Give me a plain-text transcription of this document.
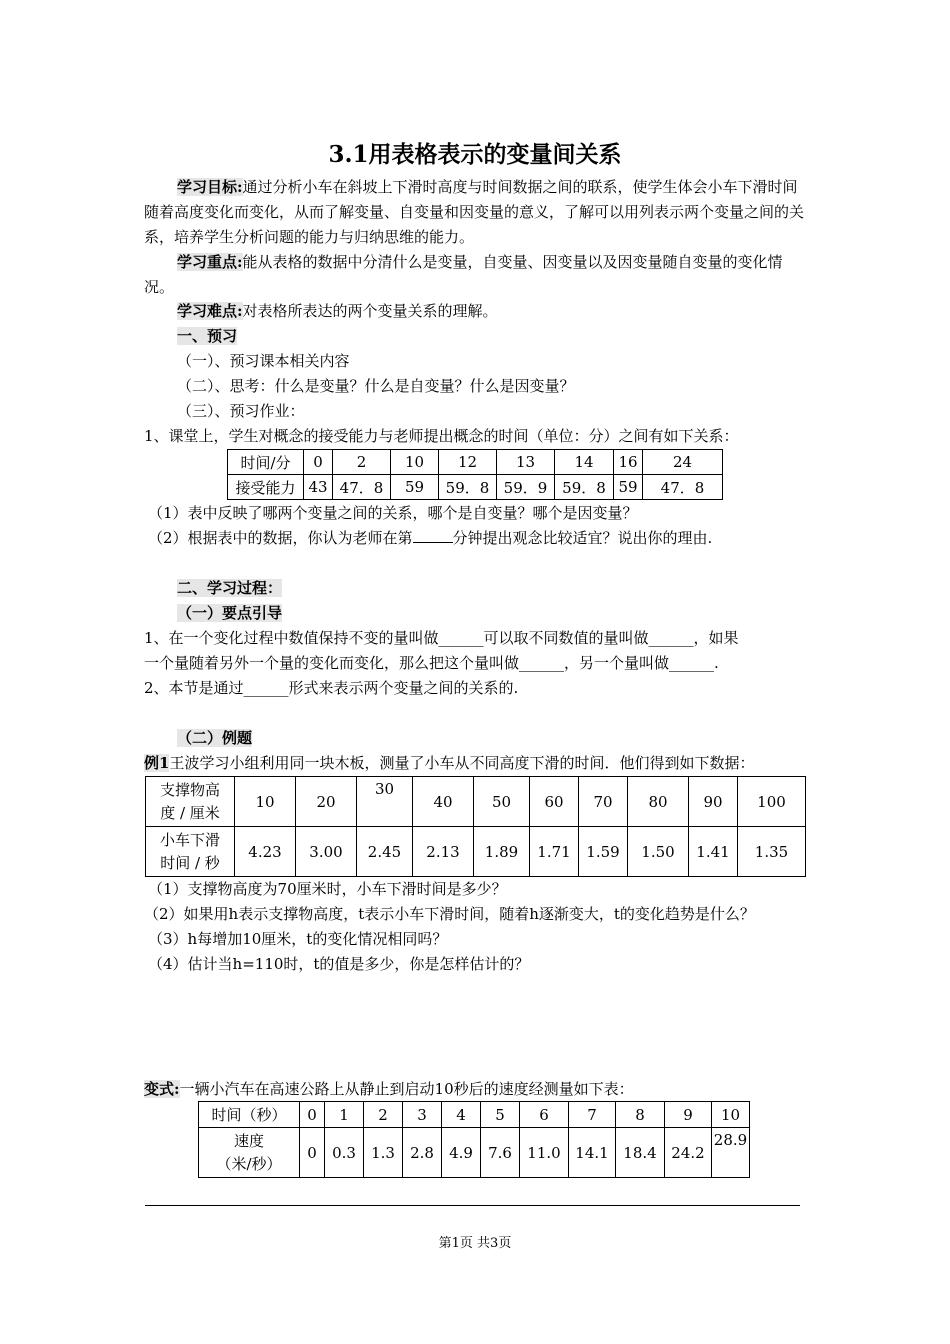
3.1用表格表示的变量间关系
学习目标:通过分析小车在斜坡上下滑时高度与时间数据之间的联系，使学生体会小车下滑时间随着高度变化而变化，从而了解变量、自变量和因变量的意义，了解可以用列表示两个变量之间的关系，培养学生分析问题的能力与归纳思维的能力。
学习重点:能从表格的数据中分清什么是变量，自变量、因变量以及因变量随自变量的变化情况。
学习难点:对表格所表达的两个变量关系的理解。
一、预习
（一）、预习课本相关内容
（二）、思考：什么是变量？什么是自变量？什么是因变量？
（三）、预习作业：
1、课堂上，学生对概念的接受能力与老师提出概念的时间（单位：分）之间有如下关系：
时间/分	0	2	10	12	13	14	16	24
接受能力	43	47．8	59	59．8	59．9	59．8	59	47．8
（1）表中反映了哪两个变量之间的关系，哪个是自变量？哪个是因变量？
（2）根据表中的数据，你认为老师在第	分钟提出观念比较适宜？说出你的理由.
二、学习过程：
（一）要点引导
1、在一个变化过程中数值保持不变的量叫做______可以取不同数值的量叫做______，如果
一个量随着另外一个量的变化而变化，那么把这个量叫做______，另一个量叫做______.
2、本节是通过______形式来表示两个变量之间的关系的.
（二）例题
例1王波学习小组利用同一块木板，测量了小车从不同高度下滑的时间．他们得到如下数据：
支撑物高
度 / 厘米	10	20	30	40	50	60	70	80	90	100
小车下滑
时间 / 秒	4.23	3.00	2.45	2.13	1.89	1.71	1.59	1.50	1.41	1.35
（1）支撑物高度为70厘米时，小车下滑时间是多少？
（2）如果用h表示支撑物高度，t表示小车下滑时间，随着h逐渐变大，t的变化趋势是什么？
（3）h每增加10厘米，t的变化情况相同吗？
（4）估计当h=110时，t的值是多少，你是怎样估计的？
变式:一辆小汽车在高速公路上从静止到启动10秒后的速度经测量如下表：
时间（秒）	0	1	2	3	4	5	6	7	8	9	10
速度
（米/秒）	0	0.3	1.3	2.8	4.9	7.6	11.0	14.1	18.4	24.2	28.9
第1页 共3页
